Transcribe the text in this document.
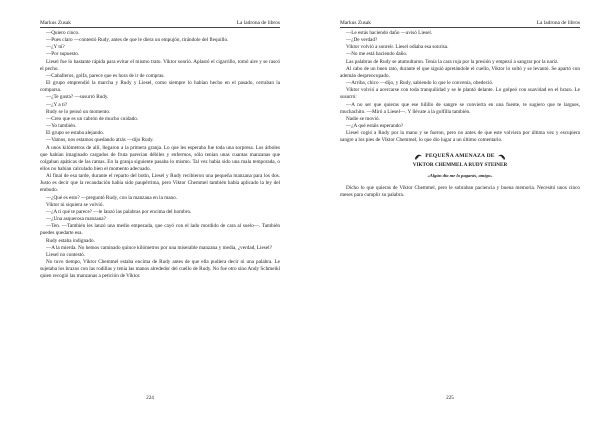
Markus Zusak	La ladrona de libros

—Quiero cinco.

—Pues claro —contestó Rudy, antes de que le diera un empujón, tirándole del flequillo.

—¿Y tú?

—Por supuesto.

Liesel fue lo bastante rápida para evitar el mismo trato. Viktor sonrió. Aplastó el cigarrillo, tomó aire y se rascó el pecho.

—Caballeros, golfa, parece que es hora de ir de compras.

El grupo emprendió la marcha y Rudy y Liesel, como siempre lo habían hecho en el pasado, cerraban la comparsa.

—¿Te gusta? —susurró Rudy.

—¿Y a ti?

Rudy se lo pensó un momento.

—Creo que es un cabrón de mucho cuidado.

—Yo también.

El grupo se estaba alejando.

—Vamos, nos estamos quedando atrás —dijo Rudy.

A unos kilómetros de allí, llegaron a la primera granja. Lo que les esperaba fue toda una sorpresa. Los árboles que habían imaginado cargados de fruta parecían débiles y enfermos, sólo tenían unas cuantas manzanas que colgaban apáticas de las ramas. En la granja siguiente pasaba lo mismo. Tal vez había sido una mala temporada, o ellos no habían calculado bien el momento adecuado.

Al final de esa tarde, durante el reparto del botín, Liesel y Rudy recibieron una pequeña manzana para los dos. Justo es decir que la recaudación había sido paupérrima, pero Viktor Chemmel también había aplicado la ley del embudo.

—¿Qué es esto? —preguntó Rudy, con la manzana en la mano.

Viktor ni siquiera se volvió.

—¿A ti qué te parece? —le lanzó las palabras por encima del hombro.

—¿Una asquerosa manzana?

—Ten. —También les lanzó una medio empezada, que cayó con el lado mordido de cara al suelo—. También puedes quedarte esa.

Rudy estaba indignado.

—A la mierda. No hemos caminado quince kilómetros por una miserable manzana y media, ¿verdad, Liesel?

Liesel no contestó.

No tuvo tiempo, Viktor Chemmel estaba encima de Rudy antes de que ella pudiera decir ni una palabra. Le sujetaba los brazos con las rodillas y tenía las manos alrededor del cuello de Rudy. No fue otro sino Andy Schmeikl quien recogió las manzanas a petición de Viktor.

224
Markus Zusak	La ladrona de libros

—Le estás haciendo daño —avisó Liesel.

—¿De verdad?

Viktor volvió a sonreír. Liesel odiaba esa sonrisa.

—No me está haciendo daño.

Las palabras de Rudy se atumultaron. Tenía la cara roja por la presión y empezó a sangrar por la nariz.

Al cabo de un buen rato, durante el que siguió apretándole el cuello, Viktor lo soltó y se levantó. Se apartó con ademán despreocupado.

—Arriba, chico —dijo, y Rudy, sabiendo lo que le convenía, obedeció.

Viktor volvió a acercarse con toda tranquilidad y se le plantó delante. Lo golpeó con suavidad en el brazo. Le susurró:

—A no ser que quieras que ese hilillo de sangre se convierta en una fuente, te sugiero que te largues, muchachito. —Miró a Liesel—. Y llévate a la golfilla también.

Nadie se movió.

—¿A qué estáis esperando?

Liesel cogió a Rudy por la mano y se fueron, pero no antes de que este volviera por última vez y escupiera sangre a los pies de Viktor Chemmel, lo que dio lugar a un último comentario.

PEQUEÑA AMENAZA DE
VIKTOR CHEMMEL A RUDY STEINER
«Algún día me lo pagarás, amigo»

Dicho lo que quieras de Viktor Chemmel, pero le sobraban paciencia y buena memoria. Necesitó unos cinco meses para cumplir su palabra.

225
